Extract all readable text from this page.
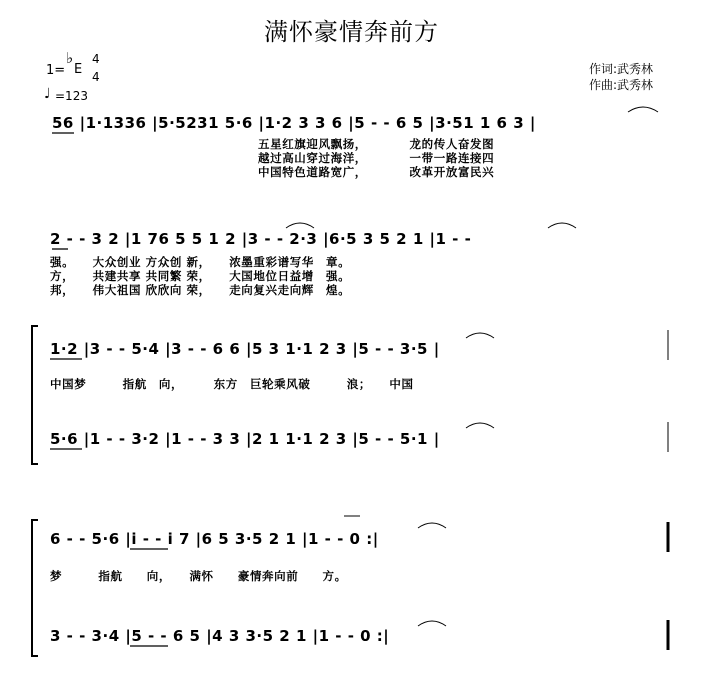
满怀豪情奔前方
作词:武秀林
作曲:武秀林
1=
♭
E
4
4
♩ =123
56 |1·1336 |5·5231 5·6 |1·2 3 3 6 |5 - - 6 5 |3·51 1 6 3 |
五星红旗迎风飘扬，　　　　龙的传人奋发图
越过高山穿过海洋，　　　　一带一路连接四
中国特色道路宽广，　　　　改革开放富民兴
2 - - 3 2 |1 76 5 5 1 2 |3 - - 2·3 |6·5 3 5 2 1 |1 - -
强。　　大众创业 方众创 新，　　浓墨重彩谱写华　章。
方，　　共建共享 共同繁 荣，　　大国地位日益增　强。
邦，　　伟大祖国 欣欣向 荣，　　走向复兴走向辉　煌。
1·2 |3 - - 5·4 |3 - - 6 6 |5 3 1·1 2 3 |5 - - 3·5 |
中国梦　　　指航　向，　　　东方　巨轮乘风破　　　浪；　　中国
5·6 |1 - - 3·2 |1 - - 3 3 |2 1 1·1 2 3 |5 - - 5·1 |
6 - - 5·6 |i - - i 7 |6 5 3·5 2 1 |1 - - 0 :|
梦　　　指航　　向，　　满怀　　豪情奔向前　　方。
3 - - 3·4 |5 - - 6 5 |4 3 3·5 2 1 |1 - - 0 :|
